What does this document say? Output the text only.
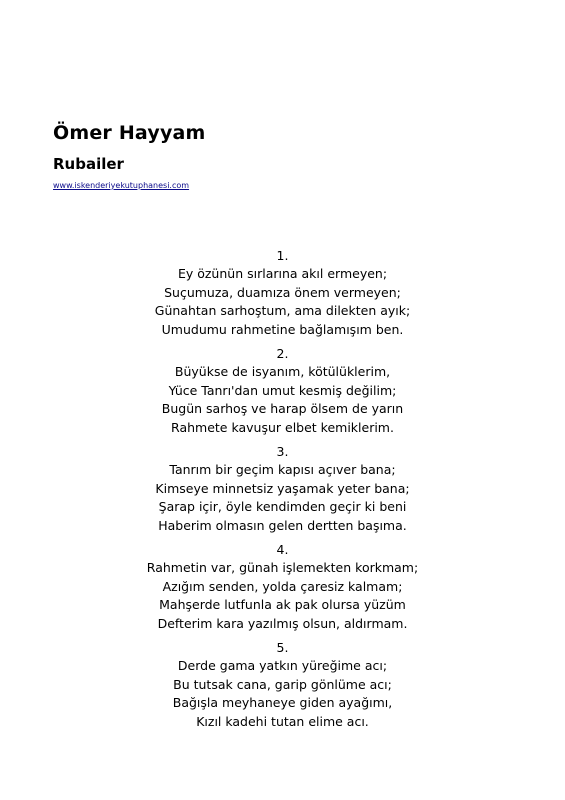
Ömer Hayyam
Rubailer
www.iskenderiyekutuphanesi.com
1.
Ey özünün sırlarına akıl ermeyen;
Suçumuza, duamıza önem vermeyen;
Günahtan sarhoştum, ama dilekten ayık;
Umudumu rahmetine bağlamışım ben.
2.
Büyükse de isyanım, kötülüklerim,
Yüce Tanrı'dan umut kesmiş değilim;
Bugün sarhoş ve harap ölsem de yarın
Rahmete kavuşur elbet kemiklerim.
3.
Tanrım bir geçim kapısı açıver bana;
Kimseye minnetsiz yaşamak yeter bana;
Şarap içir, öyle kendimden geçir ki beni
Haberim olmasın gelen dertten başıma.
4.
Rahmetin var, günah işlemekten korkmam;
Azığım senden, yolda çaresiz kalmam;
Mahşerde lutfunla ak pak olursa yüzüm
Defterim kara yazılmış olsun, aldırmam.
5.
Derde gama yatkın yüreğime acı;
Bu tutsak cana, garip gönlüme acı;
Bağışla meyhaneye giden ayağımı,
Kızıl kadehi tutan elime acı.
